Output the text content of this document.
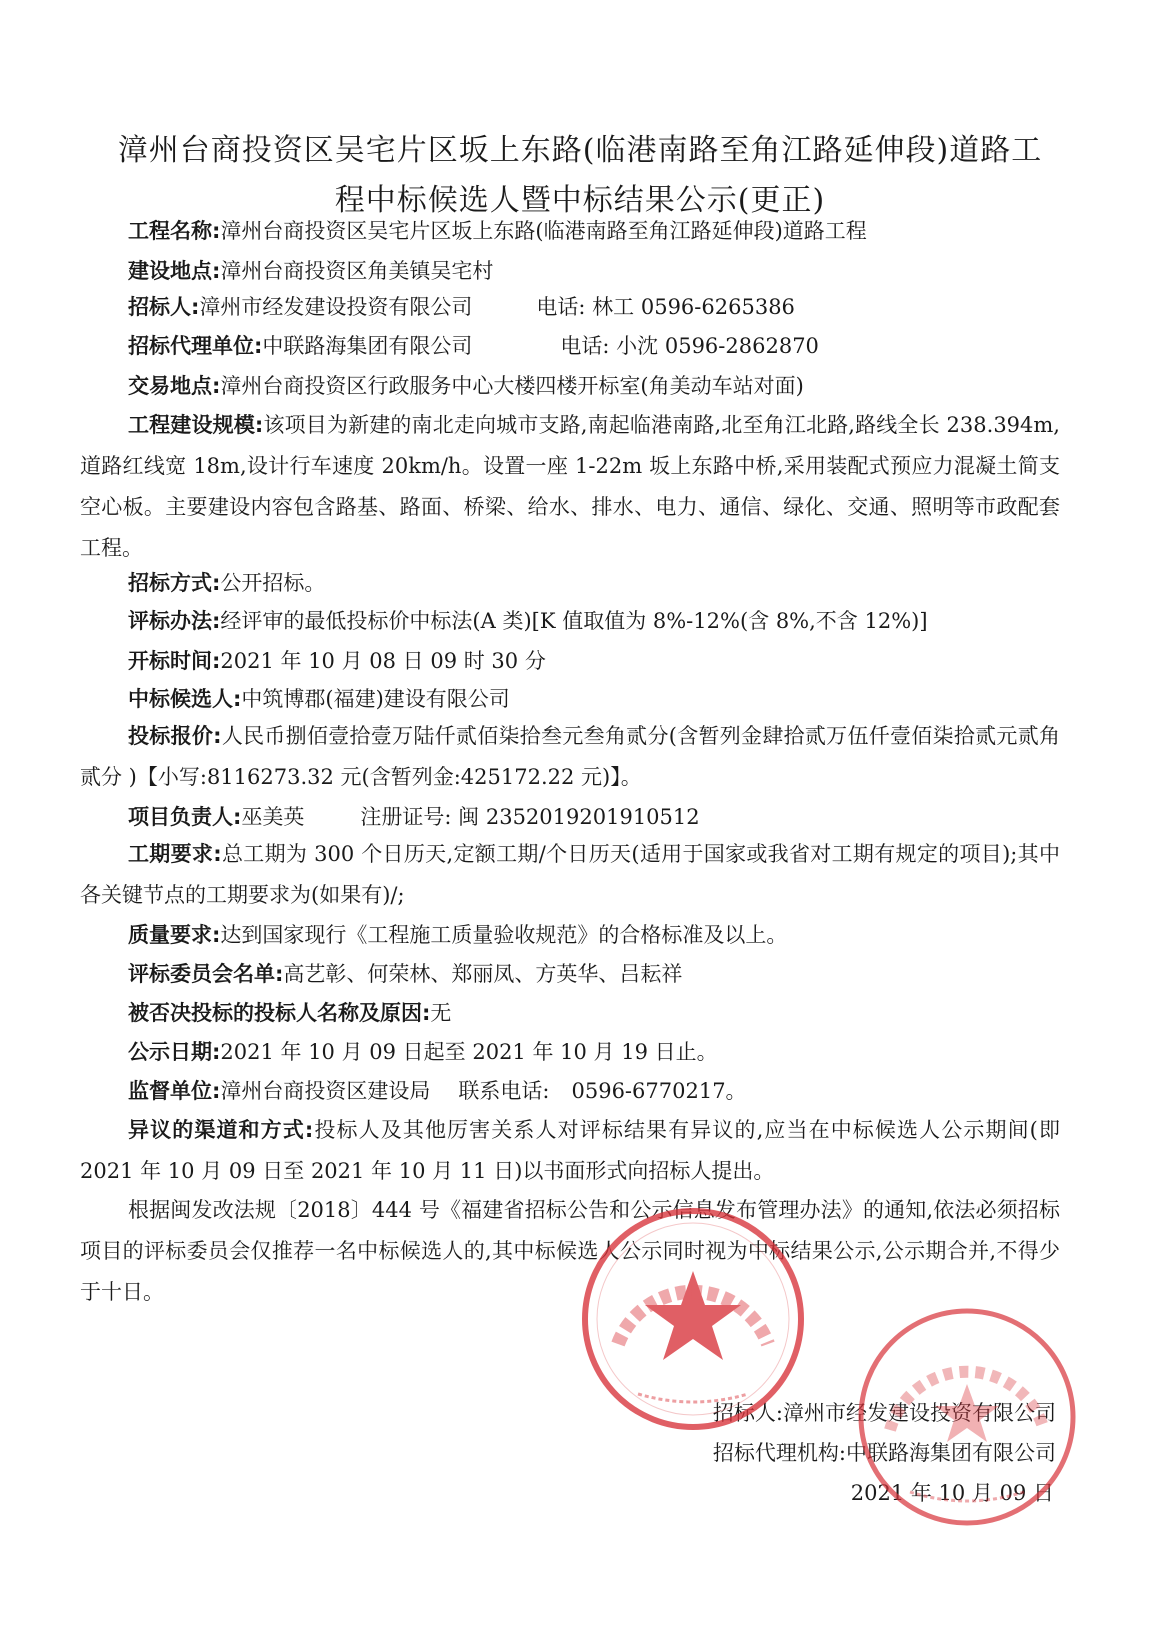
漳州台商投资区吴宅片区坂上东路(临港南路至角江路延伸段)道路工
程中标候选人暨中标结果公示(更正)
工程名称:漳州台商投资区吴宅片区坂上东路(临港南路至角江路延伸段)道路工程
建设地点:漳州台商投资区角美镇吴宅村
招标人:漳州市经发建设投资有限公司	电话: 林工 0596-6265386
招标代理单位:中联路海集团有限公司	电话: 小沈 0596-2862870
交易地点:漳州台商投资区行政服务中心大楼四楼开标室(角美动车站对面)
工程建设规模:该项目为新建的南北走向城市支路,南起临港南路,北至角江北路,路线全长 238.394m,道路红线宽 18m,设计行车速度 20km/h。设置一座 1-22m 坂上东路中桥,采用装配式预应力混凝土简支空心板。主要建设内容包含路基、路面、桥梁、给水、排水、电力、通信、绿化、交通、照明等市政配套工程。
招标方式:公开招标。
评标办法:经评审的最低投标价中标法(A 类)[K 值取值为 8%-12%(含 8%,不含 12%)]
开标时间:2021 年 10 月 08 日 09 时 30 分
中标候选人:中筑博郡(福建)建设有限公司
投标报价:人民币捌佰壹拾壹万陆仟贰佰柒拾叁元叁角贰分(含暂列金肆拾贰万伍仟壹佰柒拾贰元贰角贰分 )【小写:8116273.32 元(含暂列金:425172.22 元)】。
项目负责人:巫美英	注册证号: 闽 2352019201910512
工期要求:总工期为 300 个日历天,定额工期/个日历天(适用于国家或我省对工期有规定的项目);其中各关键节点的工期要求为(如果有)/;
质量要求:达到国家现行《工程施工质量验收规范》的合格标准及以上。
评标委员会名单:高艺彰、何荣林、郑丽凤、方英华、吕耘祥
被否决投标的投标人名称及原因:无
公示日期:2021 年 10 月 09 日起至 2021 年 10 月 19 日止。
监督单位:漳州台商投资区建设局 联系电话: 0596-6770217。
异议的渠道和方式:投标人及其他厉害关系人对评标结果有异议的,应当在中标候选人公示期间(即 2021 年 10 月 09 日至 2021 年 10 月 11 日)以书面形式向招标人提出。
根据闽发改法规〔2018〕444 号《福建省招标公告和公示信息发布管理办法》的通知,依法必须招标项目的评标委员会仅推荐一名中标候选人的,其中标候选人公示同时视为中标结果公示,公示期合并,不得少于十日。
招标人:漳州市经发建设投资有限公司
招标代理机构:中联路海集团有限公司
2021 年 10 月 09 日
